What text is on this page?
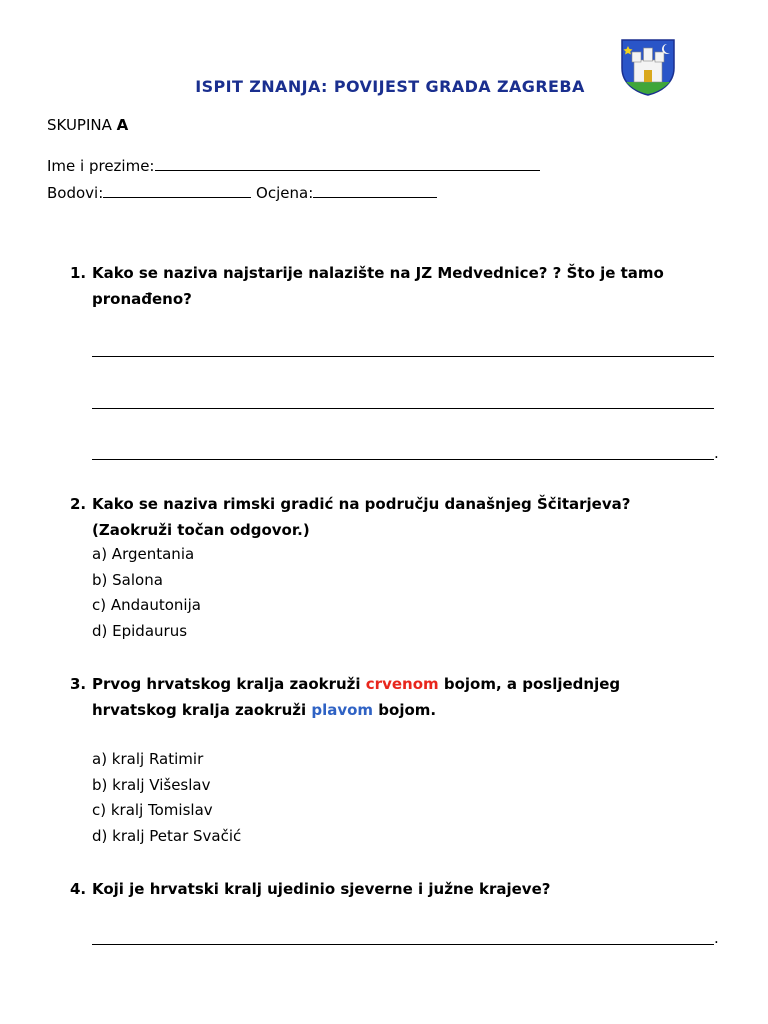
ISPIT ZNANJA: POVIJEST GRADA ZAGREBA
SKUPINA A
Ime i prezime:
Bodovi:	Ocjena:
1. Kako se naziva najstarije nalazište na JZ Medvednice? ? Što je tamo
pronađeno?
.
2. Kako se naziva rimski gradić na području današnjeg Ščitarjeva?
(Zaokruži točan odgovor.)
a) Argentania
b) Salona
c) Andautonija
d) Epidaurus
3. Prvog hrvatskog kralja zaokruži crvenom bojom, a posljednjeg
hrvatskog kralja zaokruži plavom bojom.
a) kralj Ratimir
b) kralj Višeslav
c) kralj Tomislav
d) kralj Petar Svačić
4. Koji je hrvatski kralj ujedinio sjeverne i južne krajeve?
.
